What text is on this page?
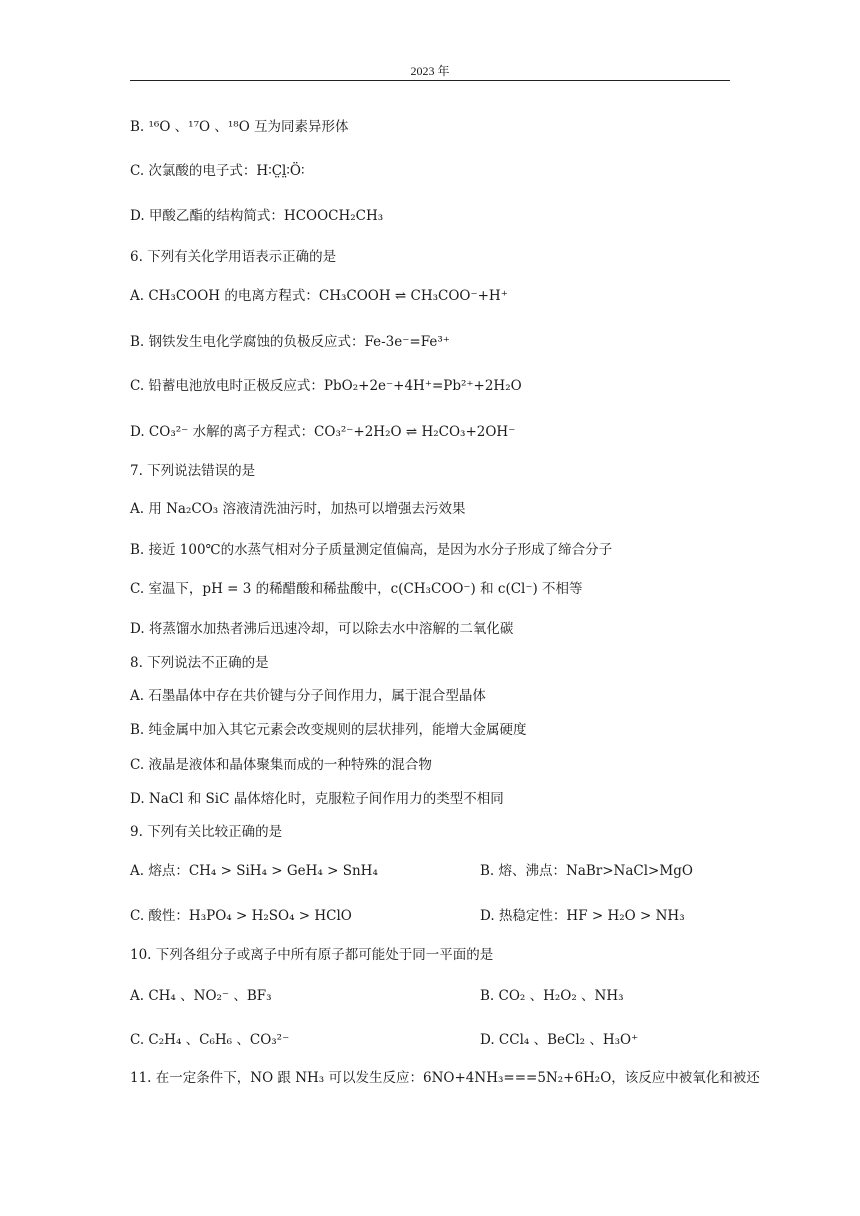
2023 年
B. ¹⁶O 、¹⁷O 、¹⁸O 互为同素异形体
C. 次氯酸的电子式：H∶C̤l̤∶Ö∶
D. 甲酸乙酯的结构简式：HCOOCH₂CH₃
6. 下列有关化学用语表示正确的是
A. CH₃COOH 的电离方程式：CH₃COOH ⇌ CH₃COO⁻+H⁺
B. 钢铁发生电化学腐蚀的负极反应式：Fe-3e⁻=Fe³⁺
C. 铅蓄电池放电时正极反应式：PbO₂+2e⁻+4H⁺=Pb²⁺+2H₂O
D. CO₃²⁻ 水解的离子方程式：CO₃²⁻+2H₂O ⇌ H₂CO₃+2OH⁻
7. 下列说法错误的是
A. 用 Na₂CO₃ 溶液清洗油污时，加热可以增强去污效果
B. 接近 100℃的水蒸气相对分子质量测定值偏高，是因为水分子形成了缔合分子
C. 室温下，pH = 3 的稀醋酸和稀盐酸中，c(CH₃COO⁻) 和 c(Cl⁻) 不相等
D. 将蒸馏水加热者沸后迅速冷却，可以除去水中溶解的二氧化碳
8. 下列说法不正确的是
A. 石墨晶体中存在共价键与分子间作用力，属于混合型晶体
B. 纯金属中加入其它元素会改变规则的层状排列，能增大金属硬度
C. 液晶是液体和晶体聚集而成的一种特殊的混合物
D. NaCl 和 SiC 晶体熔化时，克服粒子间作用力的类型不相同
9. 下列有关比较正确的是
A. 熔点：CH₄ > SiH₄ > GeH₄ > SnH₄	B. 熔、沸点：NaBr>NaCl>MgO
C. 酸性：H₃PO₄ > H₂SO₄ > HClO	D. 热稳定性：HF > H₂O > NH₃
10. 下列各组分子或离子中所有原子都可能处于同一平面的是
A. CH₄ 、NO₂⁻ 、BF₃	B. CO₂ 、H₂O₂ 、NH₃
C. C₂H₄ 、C₆H₆ 、CO₃²⁻	D. CCl₄ 、BeCl₂ 、H₃O⁺
11. 在一定条件下，NO 跟 NH₃ 可以发生反应：6NO+4NH₃===5N₂+6H₂O，该反应中被氧化和被还
